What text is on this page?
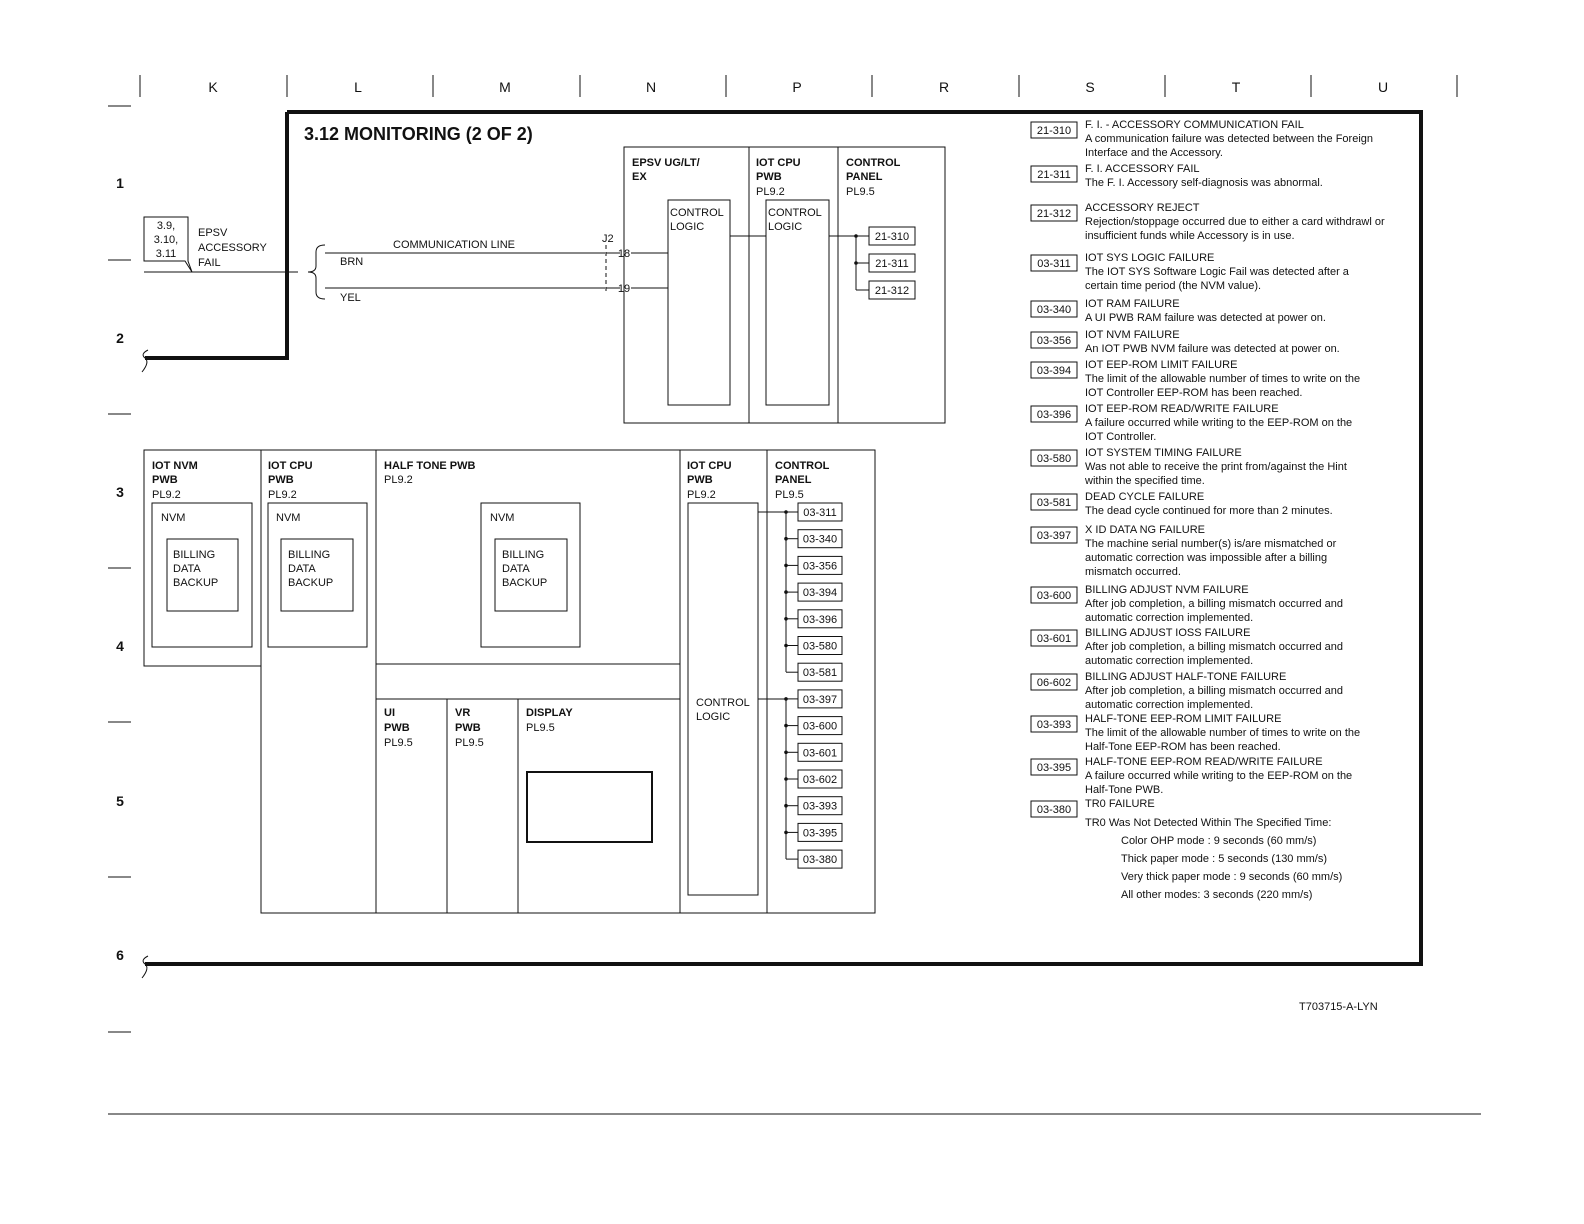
K	L	M	N	P	R	S	T	U
1
2
3
4
5
6
3.12 MONITORING (2 OF 2)
3.9,
3.10,
3.11
EPSV
ACCESSORY
FAIL
COMMUNICATION LINE
BRN
YEL
J2
18
19
EPSV UG/LT/
EX
IOT CPU
PWB
PL9.2
CONTROL
PANEL
PL9.5
CONTROL
LOGIC
CONTROL
LOGIC
21-310
21-311
21-312
IOT NVM
PWB
PL9.2
NVM
BILLING
DATA
BACKUP
IOT CPU
PWB
PL9.2
NVM
BILLING
DATA
BACKUP
HALF TONE PWB
PL9.2
NVM
BILLING
DATA
BACKUP
UI
PWB
PL9.5
VR
PWB
PL9.5
DISPLAY
PL9.5
IOT CPU
PWB
PL9.2
CONTROL
LOGIC
CONTROL
PANEL
PL9.5
03-311
03-340
03-356
03-394
03-396
03-580
03-581
03-397
03-600
03-601
03-602
03-393
03-395
03-380
21-310 F. I. - ACCESSORY COMMUNICATION FAIL
A communication failure was detected between the Foreign
Interface and the Accessory.
21-311 F. I. ACCESSORY FAIL
The F. I. Accessory self-diagnosis was abnormal.
21-312 ACCESSORY REJECT
Rejection/stoppage occurred due to either a card withdrawl or
insufficient funds while Accessory is in use.
03-311 IOT SYS LOGIC FAILURE
The IOT SYS Software Logic Fail was detected after a
certain time period (the NVM value).
03-340 IOT RAM FAILURE
A UI PWB RAM failure was detected at power on.
03-356 IOT NVM FAILURE
An IOT PWB NVM failure was detected at power on.
03-394 IOT EEP-ROM LIMIT FAILURE
The limit of the allowable number of times to write on the
IOT Controller EEP-ROM has been reached.
03-396 IOT EEP-ROM READ/WRITE FAILURE
A failure occurred while writing to the EEP-ROM on the
IOT Controller.
03-580 IOT SYSTEM TIMING FAILURE
Was not able to receive the print from/against the Hint
within the specified time.
03-581 DEAD CYCLE FAILURE
The dead cycle continued for more than 2 minutes.
03-397 X ID DATA NG FAILURE
The machine serial number(s) is/are mismatched or
automatic correction was impossible after a billing
mismatch occurred.
03-600 BILLING ADJUST NVM FAILURE
After job completion, a billing mismatch occurred and
automatic correction implemented.
03-601 BILLING ADJUST IOSS FAILURE
After job completion, a billing mismatch occurred and
automatic correction implemented.
06-602 BILLING ADJUST HALF-TONE FAILURE
After job completion, a billing mismatch occurred and
automatic correction implemented.
03-393 HALF-TONE EEP-ROM LIMIT FAILURE
The limit of the allowable number of times to write on the
Half-Tone EEP-ROM has been reached.
03-395 HALF-TONE EEP-ROM READ/WRITE FAILURE
A failure occurred while writing to the EEP-ROM on the
Half-Tone PWB.
03-380 TR0 FAILURE
TR0 Was Not Detected Within The Specified Time:
Color OHP mode : 9 seconds (60 mm/s)
Thick paper mode : 5 seconds (130 mm/s)
Very thick paper mode : 9 seconds (60 mm/s)
All other modes: 3 seconds (220 mm/s)
T703715-A-LYN
